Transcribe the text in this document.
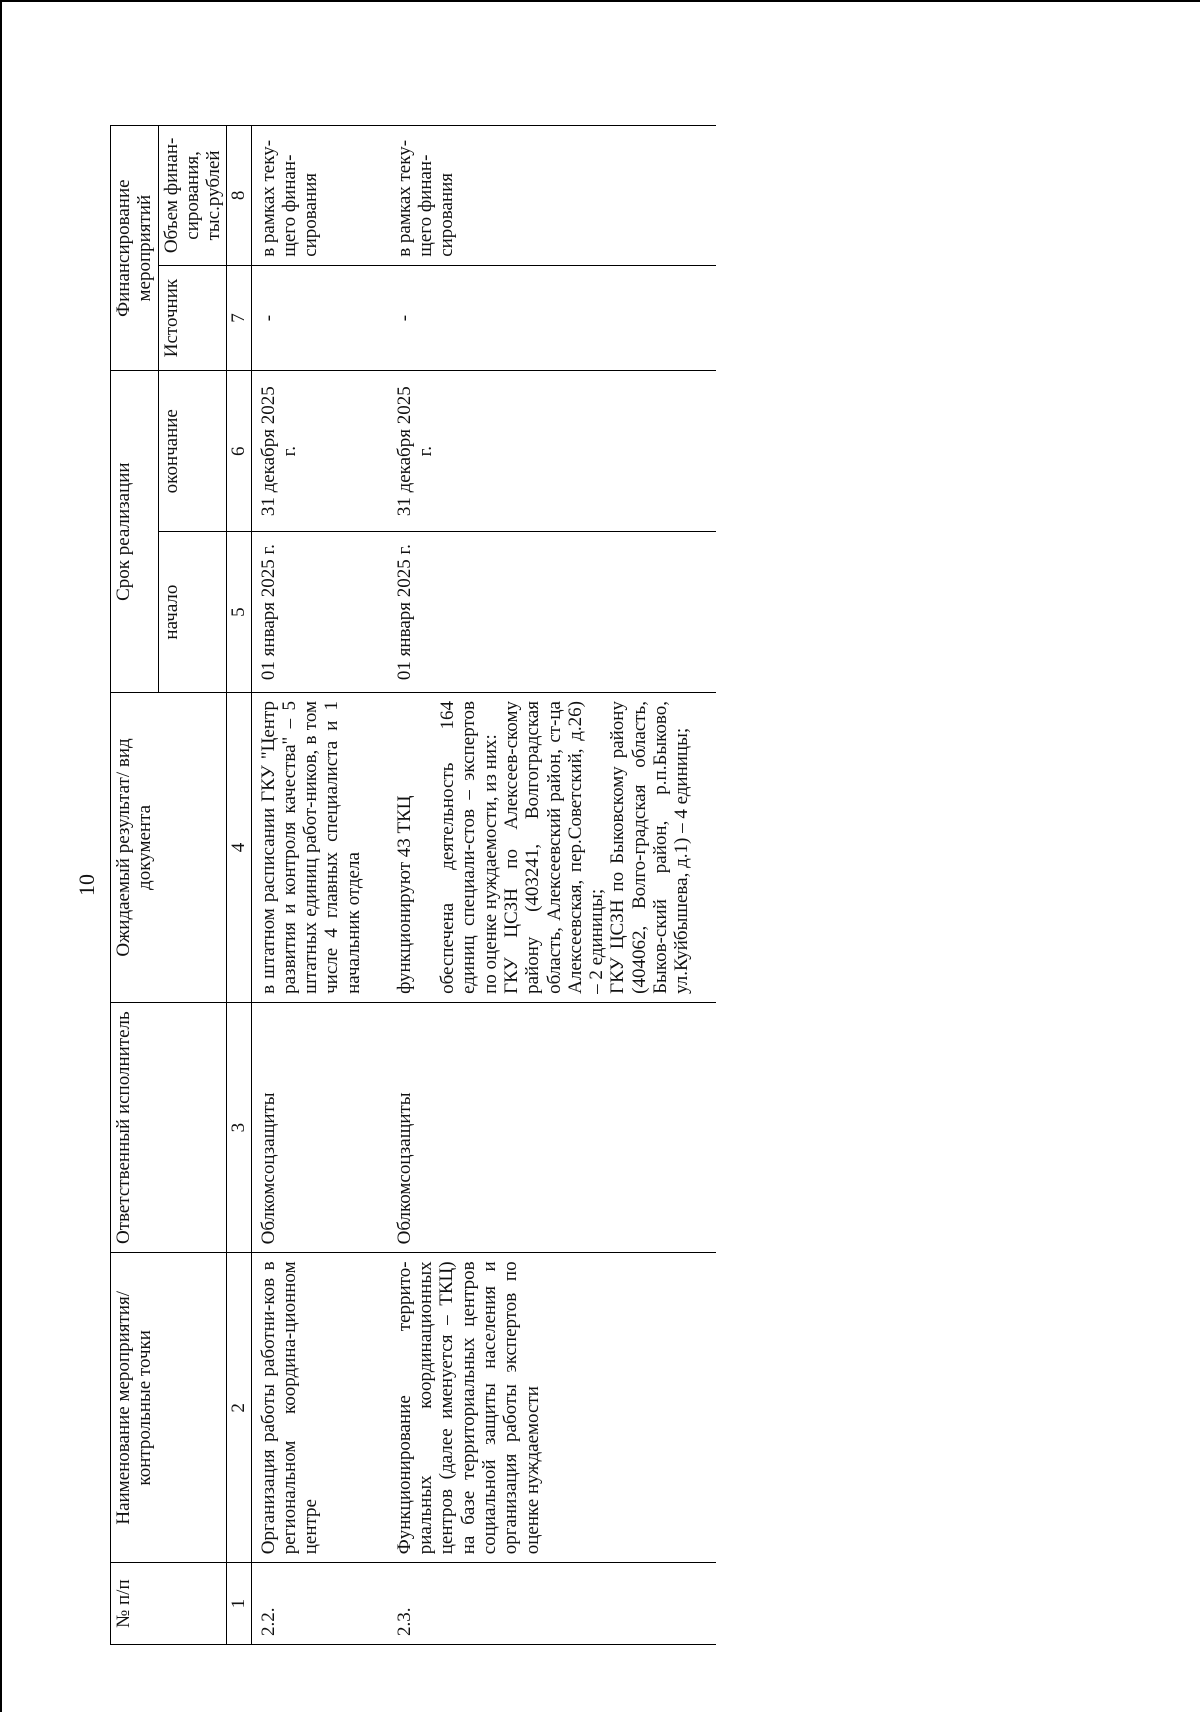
10
№ п/п	Наименование мероприятия/ контрольные точки	Ответственный исполнитель	Ожидаемый результат/ вид документа	Срок реализации		Финансирование мероприятий	
				начало	окончание	Источник	Объем финан-сирования, тыс.рублей
1	2	3	4	5	6	7	8
2.2.	Организация работы работни-ков в региональном координа-ционном центре	Облкомсоцзащиты	в штатном расписании ГКУ "Центр развития и контроля качества" – 5 штатных единиц работ-ников, в том числе 4 главных специалиста и 1 начальник отдела	01 января 2025 г.	31 декабря 2025 г.	-	в рамках теку-щего финан-сирования
2.3.	Функционирование террито-риальных координационных центров (далее именуется – ТКЦ) на базе территориальных центров социальной защиты населения и организация работы экспертов по оценке нуждаемости	Облкомсоцзащиты	функционируют 43 ТКЦ обеспечена деятельность 164 единиц специали-стов – экспертов по оценке нуждаемости, из них: ГКУ ЦСЗН по Алексеев-скому району (403241, Волгоградская область, Алексеевский район, ст-ца Алексеевская, пер.Советский, д.26) – 2 единицы; ГКУ ЦСЗН по Быковскому району (404062, Волго-градская область, Быков-ский район, р.п.Быково, ул.Куйбышева, д.1) – 4 единицы;	01 января 2025 г.	31 декабря 2025 г.	-	в рамках теку-щего финан-сирования
